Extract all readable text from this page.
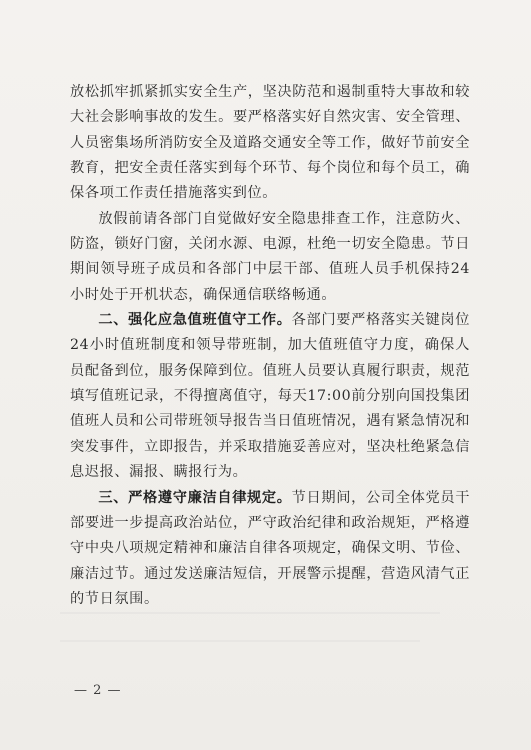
放松抓牢抓紧抓实安全生产，坚决防范和遏制重特大事故和较大社会影响事故的发生。要严格落实好自然灾害、安全管理、人员密集场所消防安全及道路交通安全等工作，做好节前安全教育，把安全责任落实到每个环节、每个岗位和每个员工，确保各项工作责任措施落实到位。

放假前请各部门自觉做好安全隐患排查工作，注意防火、防盗，锁好门窗，关闭水源、电源，杜绝一切安全隐患。节日期间领导班子成员和各部门中层干部、值班人员手机保持24小时处于开机状态，确保通信联络畅通。

二、强化应急值班值守工作。各部门要严格落实关键岗位24小时值班制度和领导带班制，加大值班值守力度，确保人员配备到位，服务保障到位。值班人员要认真履行职责，规范填写值班记录，不得擅离值守，每天17:00前分别向国投集团值班人员和公司带班领导报告当日值班情况，遇有紧急情况和突发事件，立即报告，并采取措施妥善应对，坚决杜绝紧急信息迟报、漏报、瞒报行为。

三、严格遵守廉洁自律规定。节日期间，公司全体党员干部要进一步提高政治站位，严守政治纪律和政治规矩，严格遵守中央八项规定精神和廉洁自律各项规定，确保文明、节俭、廉洁过节。通过发送廉洁短信，开展警示提醒，营造风清气正的节日氛围。

— 2 —
